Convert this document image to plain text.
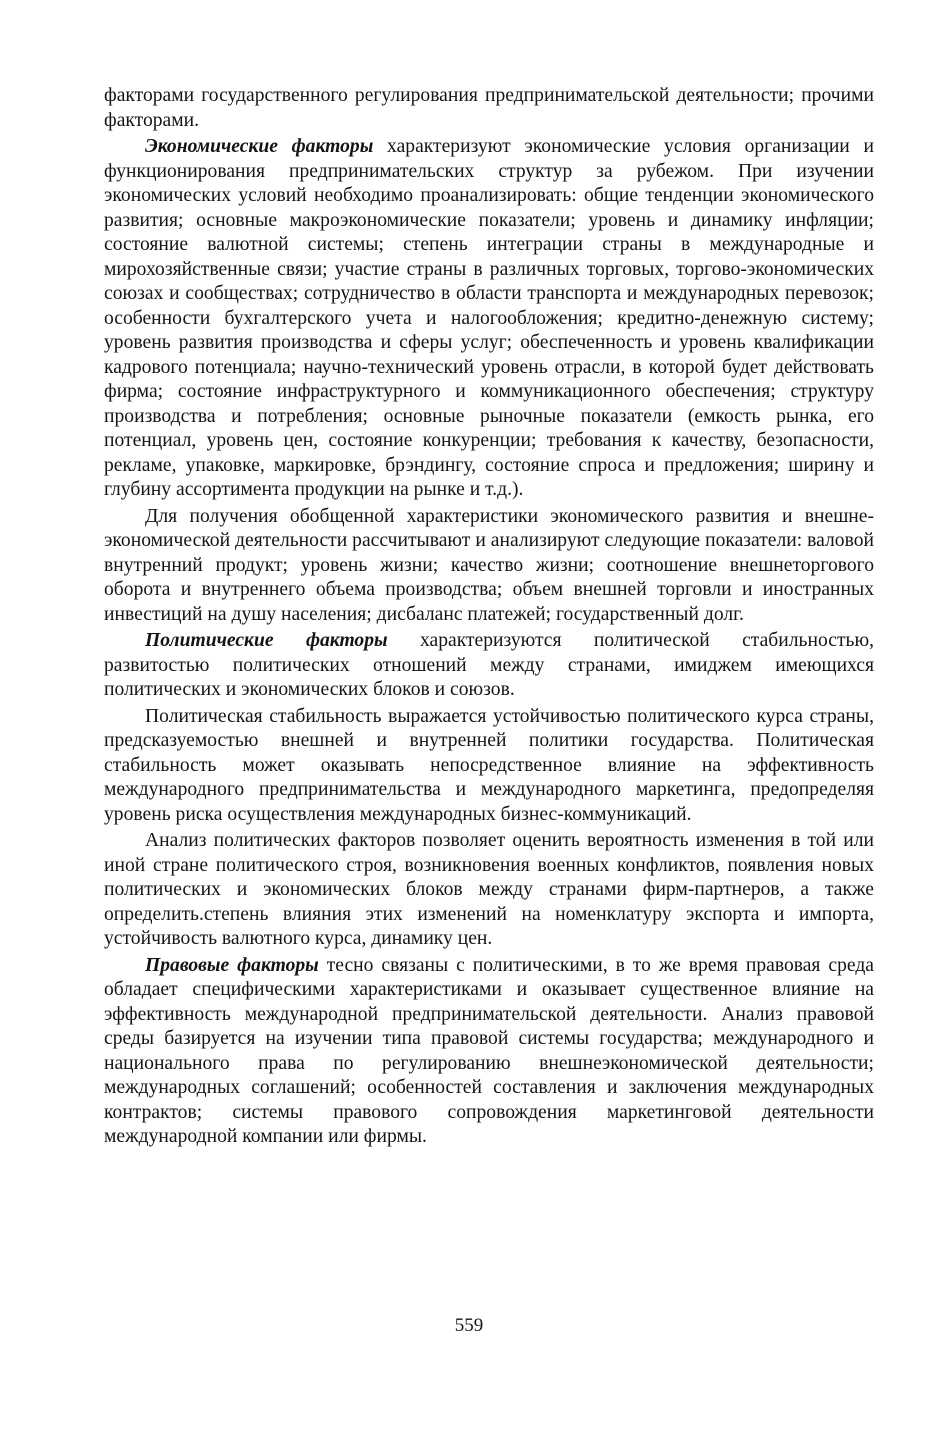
факторами государственного регулирования предпринимательской деятельности; прочими факторами.

Экономические факторы характеризуют экономические условия организации и функционирования предпринимательских структур за рубежом. При изучении экономических условий необходимо проанализировать: общие тенденции экономического развития; основные макроэкономические показатели; уровень и динамику инфляции; состояние валютной системы; степень интеграции страны в международные и мирохозяйственные связи; участие страны в различных торговых, торгово-экономических союзах и сообществах; сотрудничество в области транспорта и международных перевозок; особенности бухгалтерского учета и налогообложения; кредитно-денежную систему; уровень развития производства и сферы услуг; обеспеченность и уровень квалификации кадрового потенциала; научно-технический уровень отрасли, в которой будет действовать фирма; состояние инфраструктурного и коммуникационного обеспечения; структуру производства и потребления; основные рыночные показатели (емкость рынка, его потенциал, уровень цен, состояние конкуренции; требования к качеству, безопасности, рекламе, упаковке, маркировке, брэндингу, состояние спроса и предложения; ширину и глубину ассортимента продукции на рынке и т.д.).

Для получения обобщенной характеристики экономического развития и внешне-экономической деятельности рассчитывают и анализируют следующие показатели: валовой внутренний продукт; уровень жизни; качество жизни; соотношение внешнеторгового оборота и внутреннего объема производства; объем внешней торговли и иностранных инвестиций на душу населения; дисбаланс платежей; государственный долг.

Политические факторы характеризуются политической стабильностью, развитостью политических отношений между странами, имиджем имеющихся политических и экономических блоков и союзов.

Политическая стабильность выражается устойчивостью политического курса страны, предсказуемостью внешней и внутренней политики государства. Политическая стабильность может оказывать непосредственное влияние на эффективность международного предпринимательства и международного маркетинга, предопределяя уровень риска осуществления международных бизнес-коммуникаций.

Анализ политических факторов позволяет оценить вероятность изменения в той или иной стране политического строя, возникновения военных конфликтов, появления новых политических и экономических блоков между странами фирм-партнеров, а также определить.степень влияния этих изменений на номенклатуру экспорта и импорта, устойчивость валютного курса, динамику цен.

Правовые факторы тесно связаны с политическими, в то же время правовая среда обладает специфическими характеристиками и оказывает существенное влияние на эффективность международной предпринимательской деятельности. Анализ правовой среды базируется на изучении типа правовой системы государства; международного и национального права по регулированию внешнеэкономической деятельности; международных соглашений; особенностей составления и заключения международных контрактов; системы правового сопровождения маркетинговой деятельности международной компании или фирмы.

559
